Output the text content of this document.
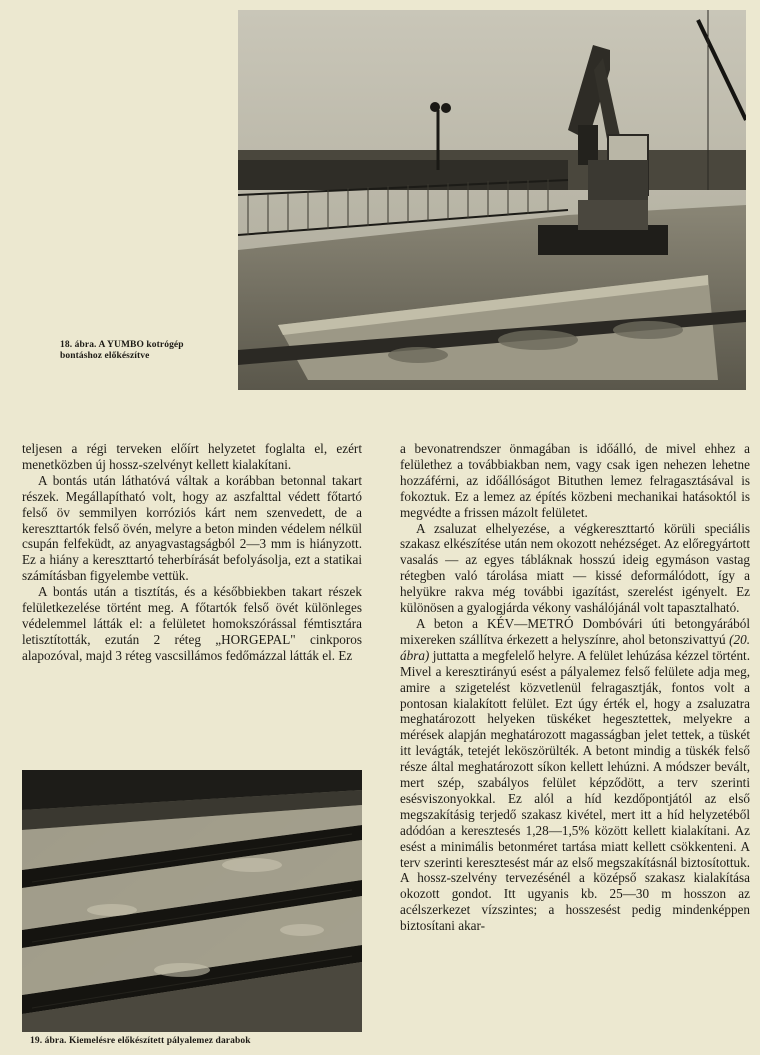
18. ábra. A YUMBO kotrógép
bontáshoz előkészítve

teljesen a régi terveken előírt helyzetet foglalta el, ezért menetközben új hossz-szelvényt kellett kialakítani.

A bontás után láthatóvá váltak a korábban betonnal takart részek. Megállapítható volt, hogy az aszfalttal védett főtartó felső öv semmilyen korróziós kárt nem szenvedett, de a kereszttartók felső övén, melyre a beton minden védelem nélkül csupán felfeküdt, az anyagvastagságból 2—3 mm is hiányzott. Ez a hiány a kereszttartó teherbírását befolyásolja, ezt a statikai számításban figyelembe vettük.

A bontás után a tisztítás, és a későbbiekben takart részek felületkezelése történt meg. A főtartók felső övét különleges védelemmel látták el: a felületet homokszórással fémtisztára letisztították, ezután 2 réteg „HORGEPAL" cinkporos alapozóval, majd 3 réteg vascsillámos fedőmázzal látták el. Ez

19. ábra. Kiemelésre előkészített pályalemez darabok

a bevonatrendszer önmagában is időálló, de mivel ehhez a felülethez a továbbiakban nem, vagy csak igen nehezen lehetne hozzáférni, az időállóságot Bituthen lemez felragasztásával is fokoztuk. Ez a lemez az építés közbeni mechanikai hatásoktól is megvédte a frissen mázolt felületet.

A zsaluzat elhelyezése, a végkereszttartó körüli speciális szakasz elkészítése után nem okozott nehézséget. Az előregyártott vasalás — az egyes tábláknak hosszú ideig egymáson vastag rétegben való tárolása miatt — kissé deformálódott, így a helyükre rakva még további igazítást, szerelést igényelt. Ez különösen a gyalogjárda vékony vashálójánál volt tapasztalható.

A beton a KÉV—METRÓ Dombóvári úti betongyárából mixereken szállítva érkezett a helyszínre, ahol betonszivattyú (20. ábra) juttatta a megfelelő helyre. A felület lehúzása kézzel történt. Mivel a keresztirányú esést a pályalemez felső felülete adja meg, amire a szigetelést közvetlenül felragasztják, fontos volt a pontosan kialakított felület. Ezt úgy érték el, hogy a zsaluzatra meghatározott helyeken tüskéket hegesztettek, melyekre a mérések alapján meghatározott magasságban jelet tettek, a tüskét itt levágták, tetejét leköszörülték. A betont mindig a tüskék felső része által meghatározott síkon kellett lehúzni. A módszer bevált, mert szép, szabályos felület képződött, a terv szerinti esésviszonyokkal. Ez alól a híd kezdőpontjától az első megszakításig terjedő szakasz kivétel, mert itt a híd helyzetéből adódóan a keresztesés 1,28—1,5% között kellett kialakítani. Az esést a minimális betonméret tartása miatt kellett csökkenteni. A terv szerinti keresztesést már az első megszakításnál biztosítottuk. A hossz-szelvény tervezésénél a középső szakasz kialakítása okozott gondot. Itt ugyanis kb. 25—30 m hosszon az acélszerkezet vízszintes; a hosszesést pedig mindenképpen biztosítani akar-
